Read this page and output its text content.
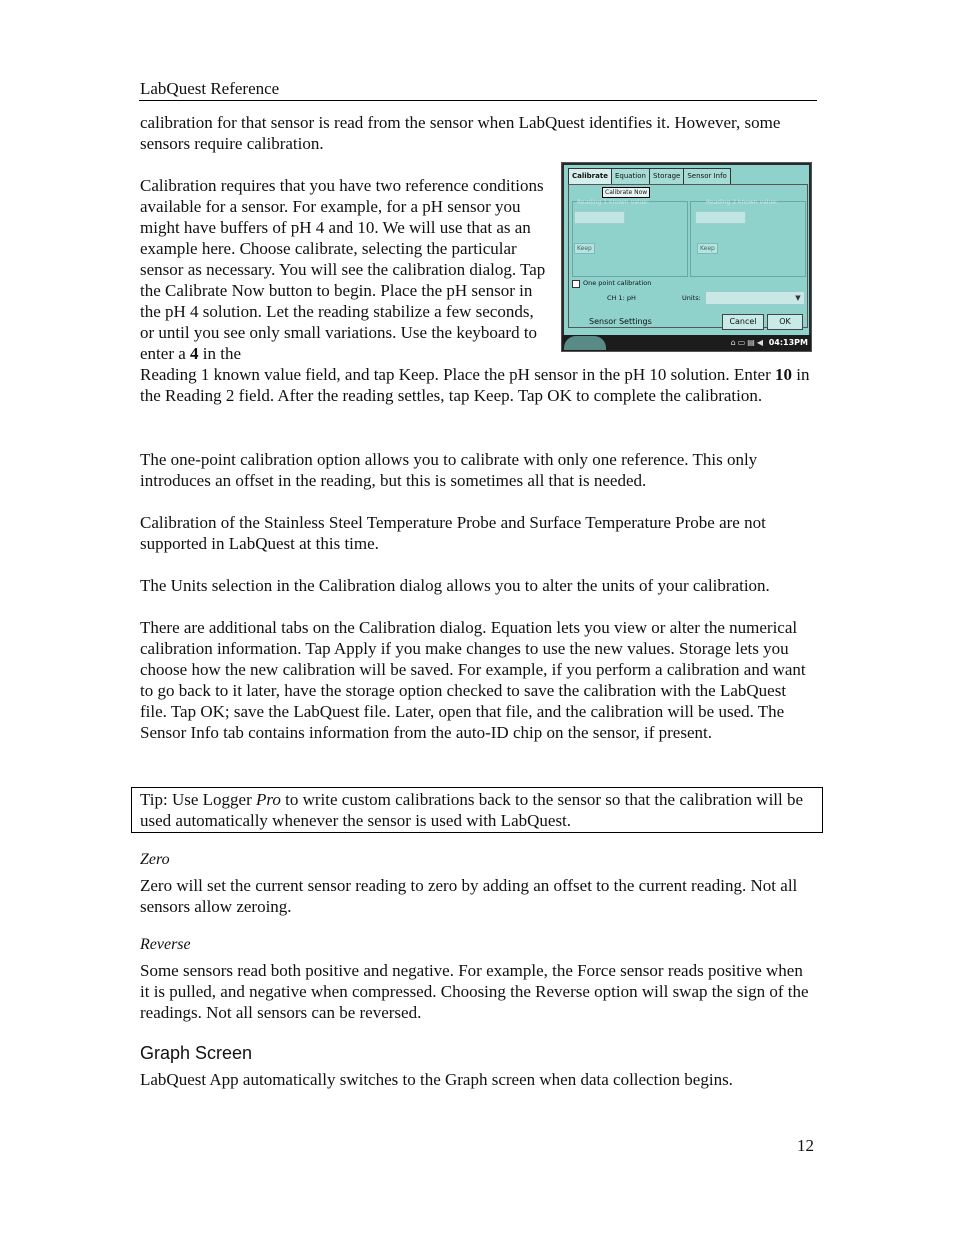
LabQuest Reference

calibration for that sensor is read from the sensor when LabQuest identifies it. However, some sensors require calibration.

Calibration requires that you have two reference conditions available for a sensor. For example, for a pH sensor you might have buffers of pH 4 and 10. We will use that as an example here. Choose calibrate, selecting the particular sensor as necessary. You will see the calibration dialog. Tap the Calibrate Now button to begin. Place the pH sensor in the pH 4 solution. Let the reading stabilize a few seconds, or until you see only small variations. Use the keyboard to enter a 4 in the

Reading 1 known value field, and tap Keep. Place the pH sensor in the pH 10 solution. Enter 10 in the Reading 2 field. After the reading settles, tap Keep. Tap OK to complete the calibration.

The one-point calibration option allows you to calibrate with only one reference. This only introduces an offset in the reading, but this is sometimes all that is needed.

Calibration of the Stainless Steel Temperature Probe and Surface Temperature Probe are not supported in LabQuest at this time.

The Units selection in the Calibration dialog allows you to alter the units of your calibration.

There are additional tabs on the Calibration dialog. Equation lets you view or alter the numerical calibration information. Tap Apply if you make changes to use the new values. Storage lets you choose how the new calibration will be saved. For example, if you perform a calibration and want to go back to it later, have the storage option checked to save the calibration with the LabQuest file. Tap OK; save the LabQuest file. Later, open that file, and the calibration will be used. The Sensor Info tab contains information from the auto-ID chip on the sensor, if present.

Tip: Use Logger Pro to write custom calibrations back to the sensor so that the calibration will be used automatically whenever the sensor is used with LabQuest.

Zero

Zero will set the current sensor reading to zero by adding an offset to the current reading. Not all sensors allow zeroing.

Reverse

Some sensors read both positive and negative. For example, the Force sensor reads positive when it is pulled, and negative when compressed. Choosing the Reverse option will swap the sign of the readings. Not all sensors can be reversed.

Graph Screen

LabQuest App automatically switches to the Graph screen when data collection begins.

12
Calibrate	Equation	Storage	Sensor Info
Calibrate Now
Reading 1 known value:
Keep
Reading 2 known value:
Keep
One point calibration
CH 1: pH	Units:	▼
Sensor Settings	Cancel	OK
⌂▭▤◀ 04:13PM
